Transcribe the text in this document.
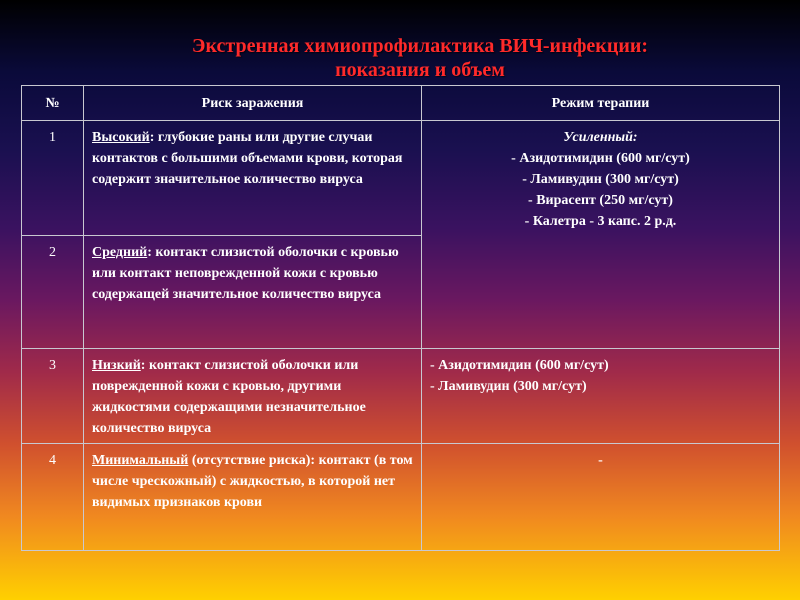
Экстренная химиопрофилактика ВИЧ-инфекции:
показания и объем
№	Риск заражения	Режим терапии
1	Высокий: глубокие раны или другие случаи контактов с большими объемами крови, которая содержит значительное количество вируса	Усиленный:
- Азидотимидин (600 мг/сут)
- Ламивудин (300 мг/сут)
- Вирасепт (250 мг/сут)
- Калетра - 3 капс. 2 р.д.

2	Средний: контакт слизистой оболочки с кровью или контакт неповрежденной кожи с кровью содержащей значительное количество вируса	
3	Низкий: контакт слизистой оболочки или поврежденной кожи с кровью, другими жидкостями содержащими незначительное количество вируса	- Азидотимидин (600 мг/сут)
- Ламивудин (300 мг/сут)

4	Минимальный (отсутствие риска): контакт (в том числе чрескожный) с жидкостью, в которой нет видимых признаков крови	-
